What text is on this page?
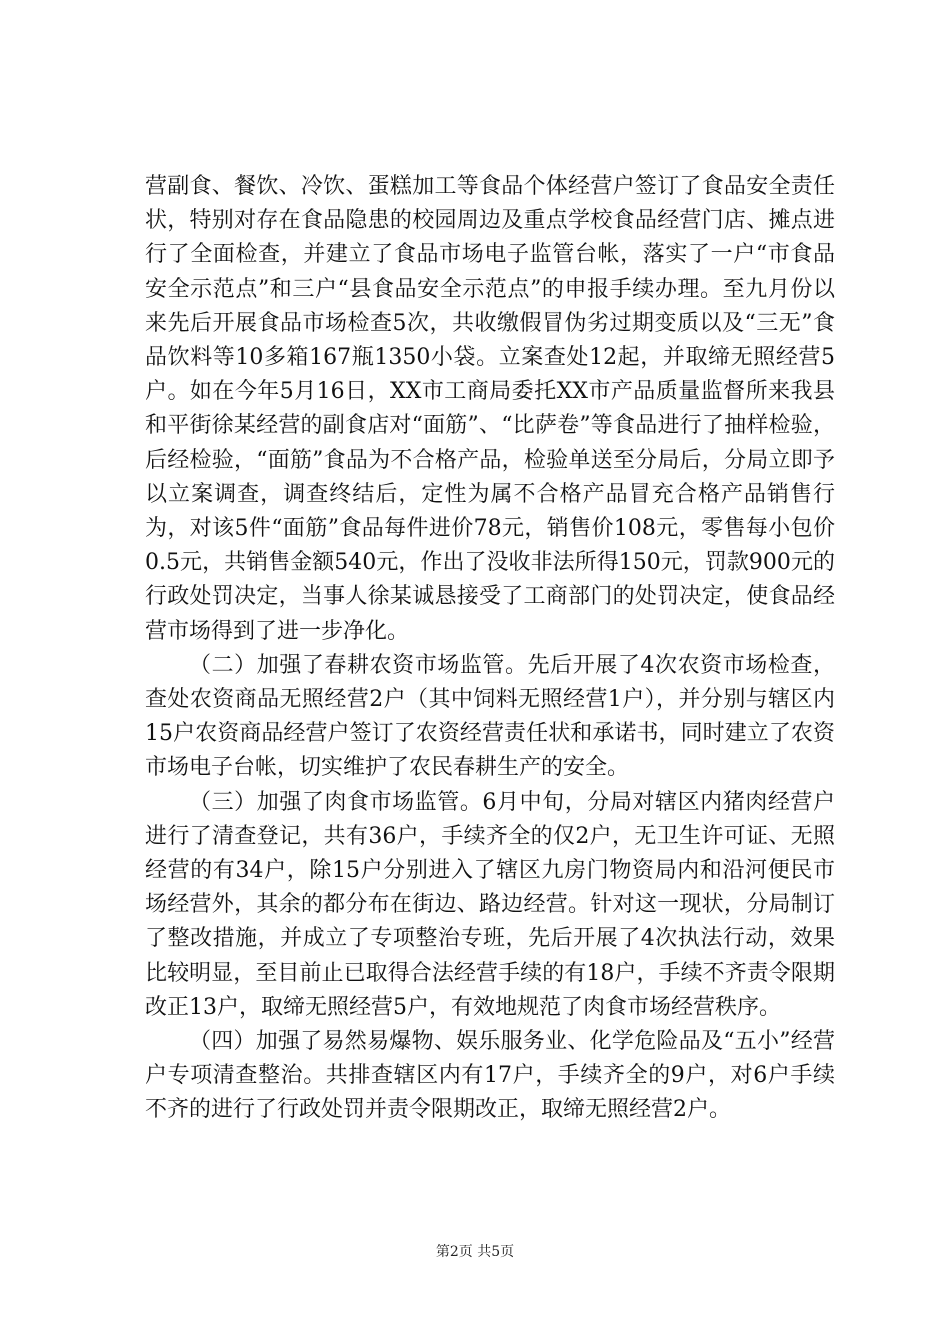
营副食、餐饮、冷饮、蛋糕加工等食品个体经营户签订了食品安全责任状，特别对存在食品隐患的校园周边及重点学校食品经营门店、摊点进行了全面检查，并建立了食品市场电子监管台帐，落实了一户“市食品安全示范点”和三户“县食品安全示范点”的申报手续办理。至九月份以来先后开展食品市场检查5次，共收缴假冒伪劣过期变质以及“三无”食品饮料等10多箱167瓶1350小袋。立案查处12起，并取缔无照经营5户。如在今年5月16日，XX市工商局委托XX市产品质量监督所来我县和平街徐某经营的副食店对“面筋”、“比萨卷”等食品进行了抽样检验，后经检验，“面筋”食品为不合格产品，检验单送至分局后，分局立即予以立案调查，调查终结后，定性为属不合格产品冒充合格产品销售行为，对该5件“面筋”食品每件进价78元，销售价108元，零售每小包价0.5元，共销售金额540元，作出了没收非法所得150元，罚款900元的行政处罚决定，当事人徐某诚恳接受了工商部门的处罚决定，使食品经营市场得到了进一步净化。

（二）加强了春耕农资市场监管。先后开展了4次农资市场检查，查处农资商品无照经营2户（其中饲料无照经营1户），并分别与辖区内15户农资商品经营户签订了农资经营责任状和承诺书，同时建立了农资市场电子台帐，切实维护了农民春耕生产的安全。

（三）加强了肉食市场监管。6月中旬，分局对辖区内猪肉经营户进行了清查登记，共有36户，手续齐全的仅2户，无卫生许可证、无照经营的有34户，除15户分别进入了辖区九房门物资局内和沿河便民市场经营外，其余的都分布在街边、路边经营。针对这一现状，分局制订了整改措施，并成立了专项整治专班，先后开展了4次执法行动，效果比较明显，至目前止已取得合法经营手续的有18户，手续不齐责令限期改正13户，取缔无照经营5户，有效地规范了肉食市场经营秩序。

（四）加强了易然易爆物、娱乐服务业、化学危险品及“五小”经营户专项清查整治。共排查辖区内有17户，手续齐全的9户，对6户手续不齐的进行了行政处罚并责令限期改正，取缔无照经营2户。

第2页 共5页
